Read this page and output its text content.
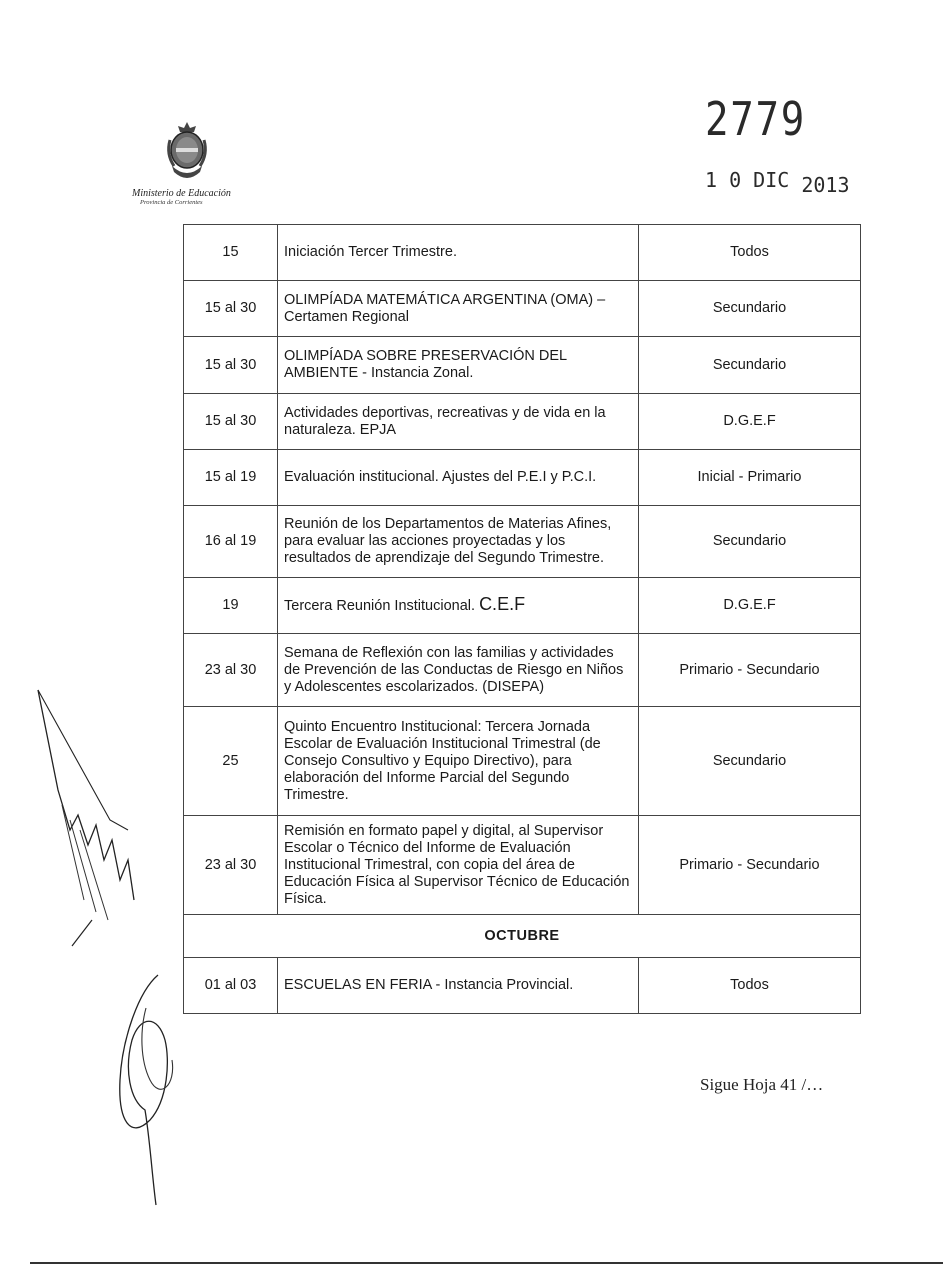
Ministerio de Educación
Provincia de Corrientes
2779
1 0 DIC 2013
15	Iniciación Tercer Trimestre.	Todos
15 al 30	OLIMPÍADA MATEMÁTICA ARGENTINA (OMA) – Certamen Regional	Secundario
15 al 30	OLIMPÍADA SOBRE PRESERVACIÓN DEL AMBIENTE - Instancia Zonal.	Secundario
15 al 30	Actividades deportivas, recreativas y de vida en la naturaleza. EPJA	D.G.E.F
15 al 19	Evaluación institucional. Ajustes del P.E.I y P.C.I.	Inicial - Primario
16 al 19	Reunión de los Departamentos de Materias Afines, para evaluar las acciones proyectadas y los resultados de aprendizaje del Segundo Trimestre.	Secundario
19	Tercera Reunión Institucional. C.E.F	D.G.E.F
23 al 30	Semana de Reflexión con las familias y actividades de Prevención de las Conductas de Riesgo en Niños y Adolescentes escolarizados. (DISEPA)	Primario - Secundario
25	Quinto Encuentro Institucional: Tercera Jornada Escolar de Evaluación Institucional Trimestral (de Consejo Consultivo y Equipo Directivo), para elaboración del Informe Parcial del Segundo Trimestre.	Secundario
23 al 30	Remisión en formato papel y digital, al Supervisor Escolar o Técnico del Informe de Evaluación Institucional Trimestral, con copia del área de Educación Física al Supervisor Técnico de Educación Física.	Primario - Secundario
OCTUBRE		
01 al 03	ESCUELAS EN FERIA - Instancia Provincial.	Todos
Sigue Hoja 41 /…
